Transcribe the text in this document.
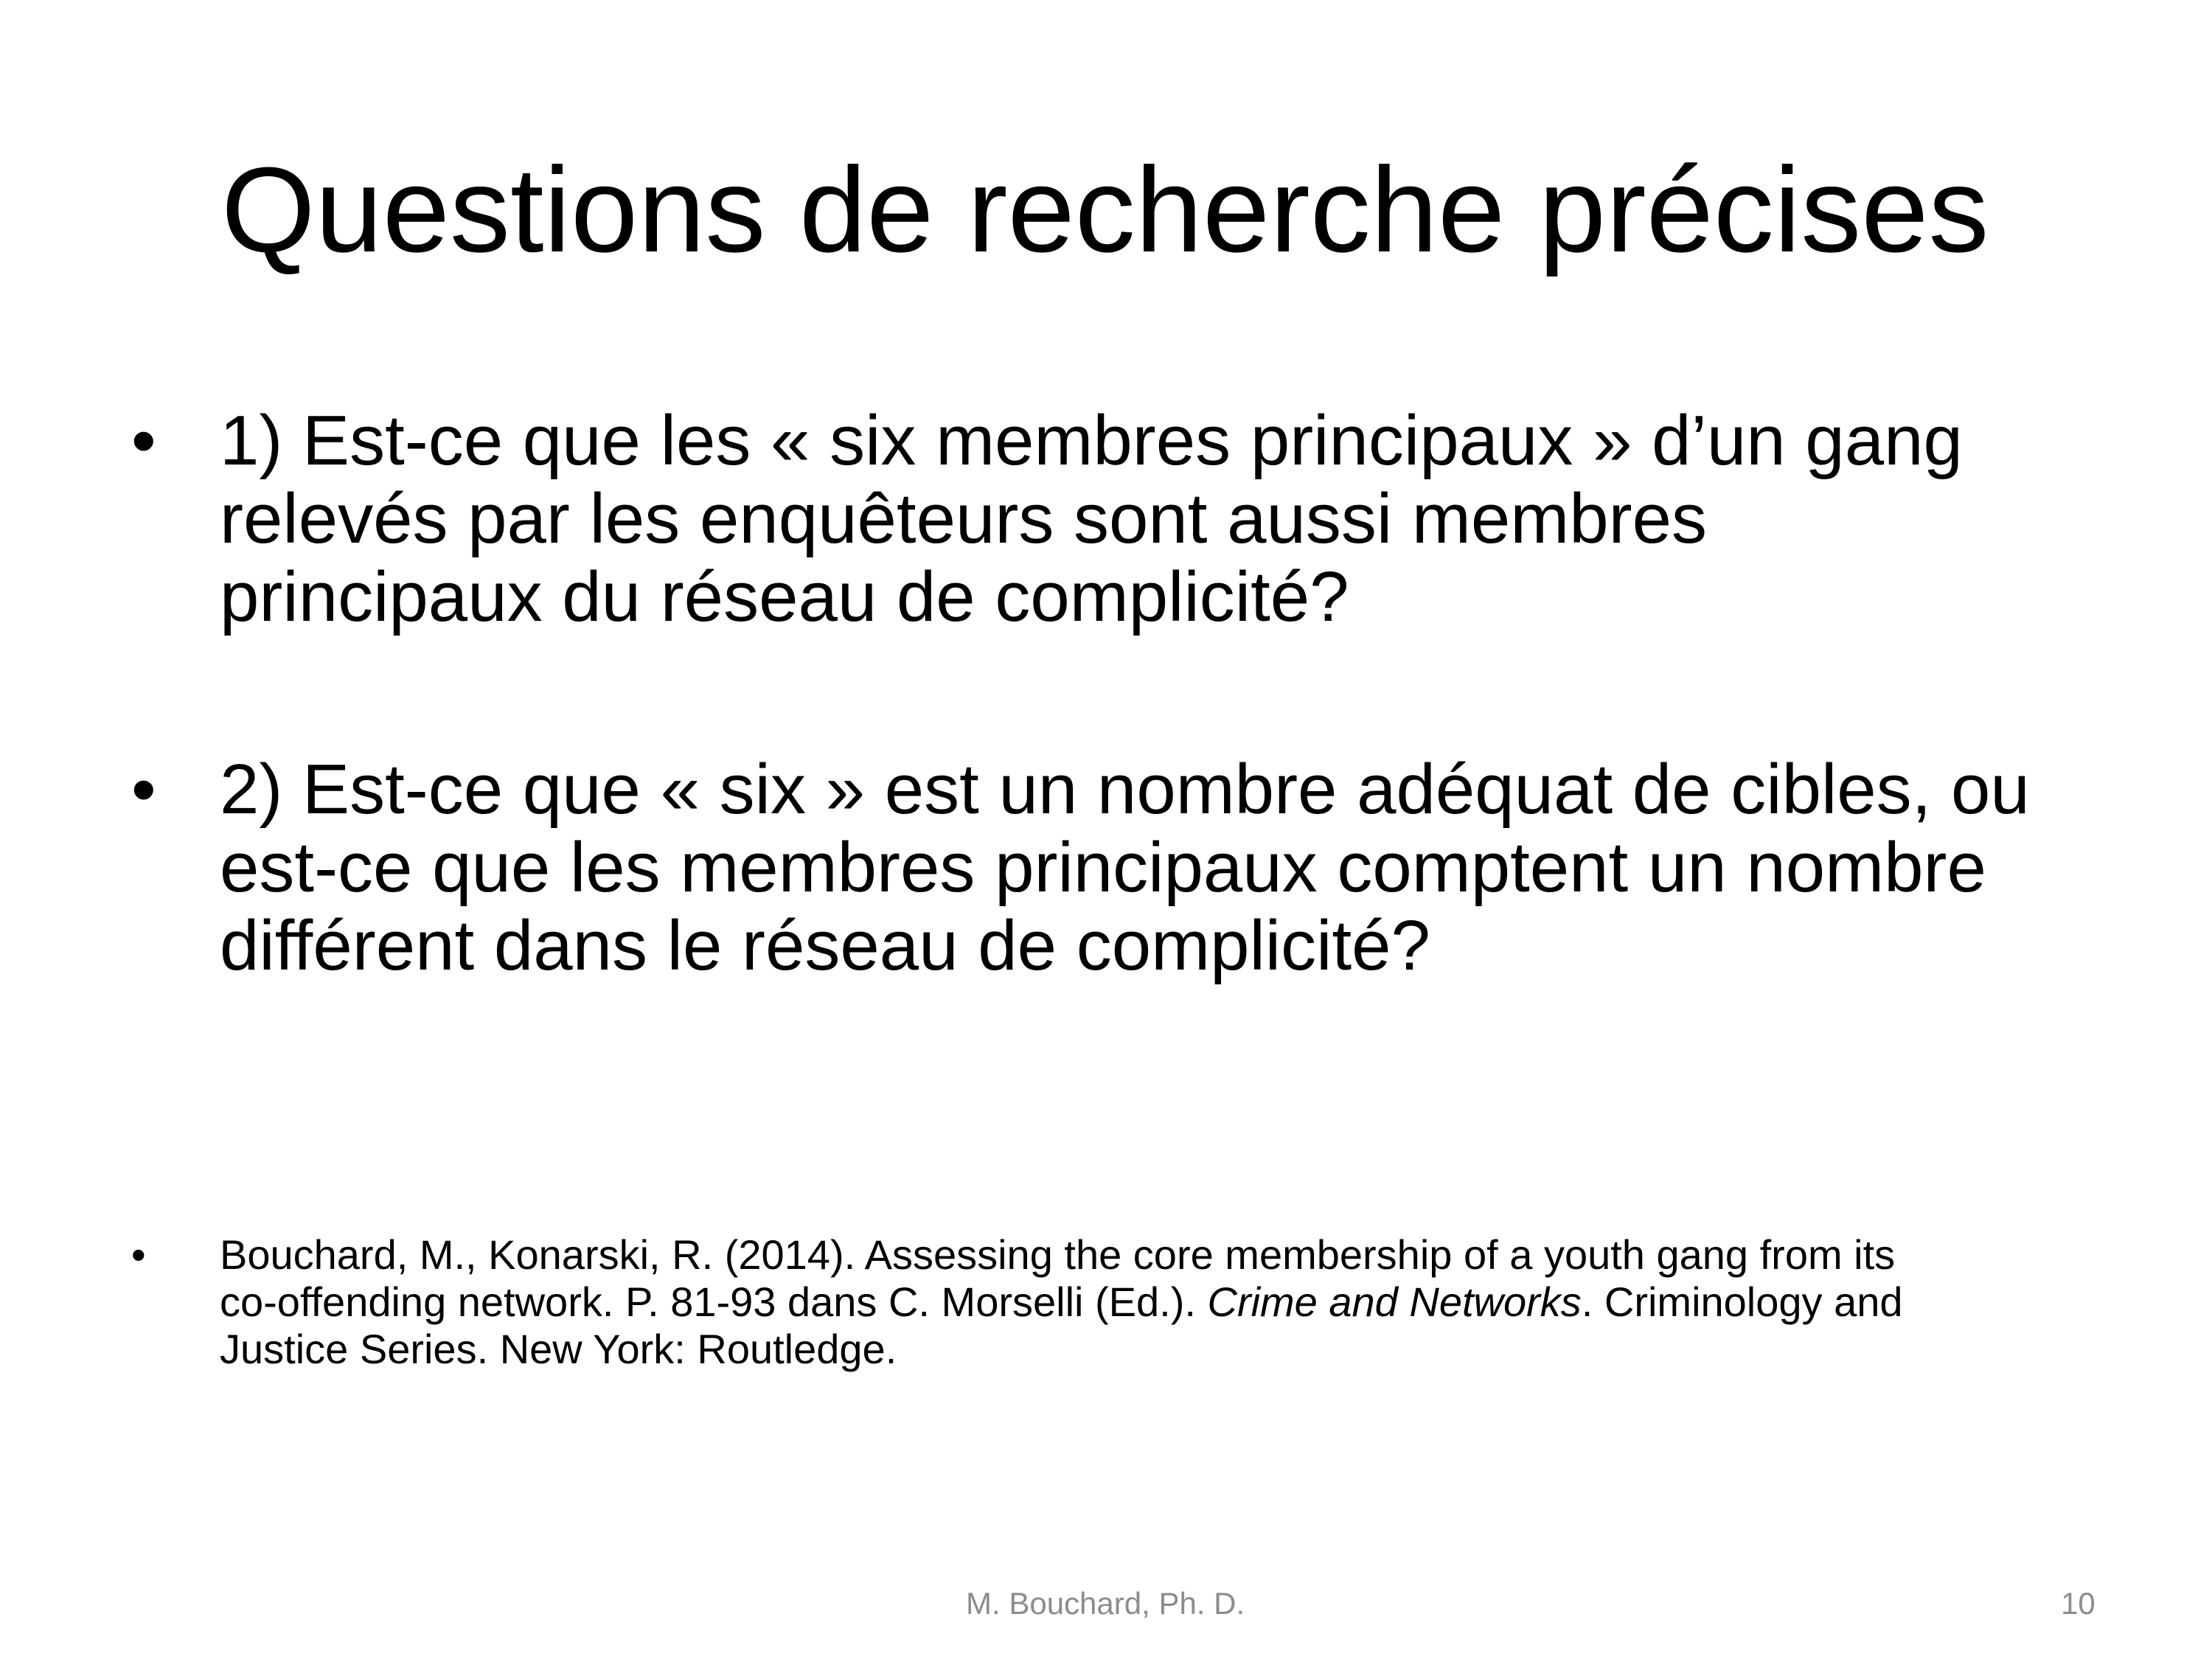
Questions de recherche précises
• 1) Est-ce que les « six membres principaux » d’un gang
relevés par les enquêteurs sont aussi membres
principaux du réseau de complicité?
• 2) Est-ce que « six » est un nombre adéquat de cibles, ou
est-ce que les membres principaux comptent un nombre
différent dans le réseau de complicité?
• Bouchard, M., Konarski, R. (2014). Assessing the core membership of a youth gang from its
co-offending network. P. 81-93 dans C. Morselli (Ed.). Crime and Networks. Criminology and
Justice Series. New York: Routledge.
M. Bouchard, Ph. D.	10
